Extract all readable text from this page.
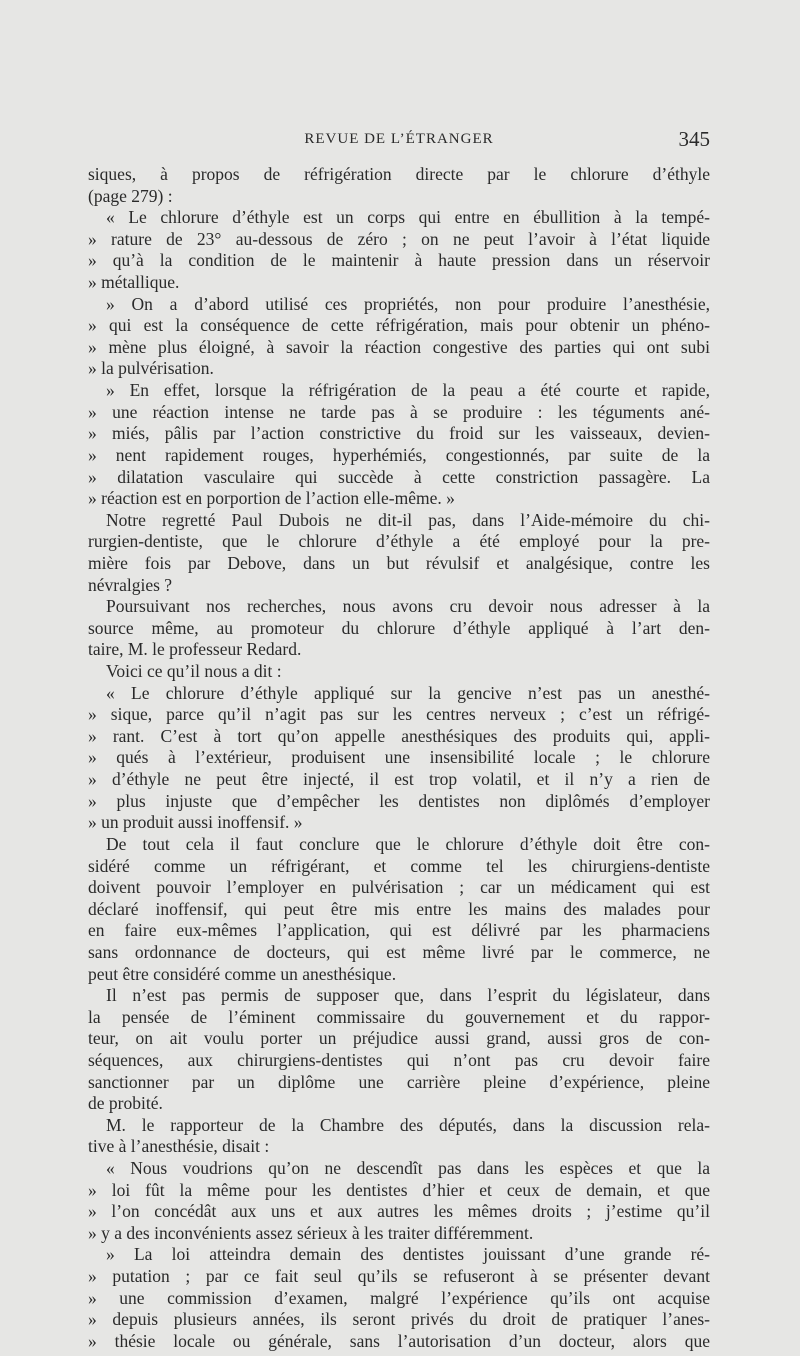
REVUE DE L’ÉTRANGER	345
siques, à propos de réfrigération directe par le chlorure d’éthyle
(page 279) :
« Le chlorure d’éthyle est un corps qui entre en ébullition à la tempé-
» rature de 23° au-dessous de zéro ; on ne peut l’avoir à l’état liquide
» qu’à la condition de le maintenir à haute pression dans un réservoir
» métallique.
» On a d’abord utilisé ces propriétés, non pour produire l’anesthésie,
» qui est la conséquence de cette réfrigération, mais pour obtenir un phéno-
» mène plus éloigné, à savoir la réaction congestive des parties qui ont subi
» la pulvérisation.
» En effet, lorsque la réfrigération de la peau a été courte et rapide,
» une réaction intense ne tarde pas à se produire : les téguments ané-
» miés, pâlis par l’action constrictive du froid sur les vaisseaux, devien-
» nent rapidement rouges, hyperhémiés, congestionnés, par suite de la
» dilatation vasculaire qui succède à cette constriction passagère. La
» réaction est en porportion de l’action elle-même. »
Notre regretté Paul Dubois ne dit-il pas, dans l’Aide-mémoire du chi-
rurgien-dentiste, que le chlorure d’éthyle a été employé pour la pre-
mière fois par Debove, dans un but révulsif et analgésique, contre les
névralgies ?
Poursuivant nos recherches, nous avons cru devoir nous adresser à la
source même, au promoteur du chlorure d’éthyle appliqué à l’art den-
taire, M. le professeur Redard.
Voici ce qu’il nous a dit :
« Le chlorure d’éthyle appliqué sur la gencive n’est pas un anesthé-
» sique, parce qu’il n’agit pas sur les centres nerveux ; c’est un réfrigé-
» rant. C’est à tort qu’on appelle anesthésiques des produits qui, appli-
» qués à l’extérieur, produisent une insensibilité locale ; le chlorure
» d’éthyle ne peut être injecté, il est trop volatil, et il n’y a rien de
» plus injuste que d’empêcher les dentistes non diplômés d’employer
» un produit aussi inoffensif. »
De tout cela il faut conclure que le chlorure d’éthyle doit être con-
sidéré comme un réfrigérant, et comme tel les chirurgiens-dentiste
doivent pouvoir l’employer en pulvérisation ; car un médicament qui est
déclaré inoffensif, qui peut être mis entre les mains des malades pour
en faire eux-mêmes l’application, qui est délivré par les pharmaciens
sans ordonnance de docteurs, qui est même livré par le commerce, ne
peut être considéré comme un anesthésique.
Il n’est pas permis de supposer que, dans l’esprit du législateur, dans
la pensée de l’éminent commissaire du gouvernement et du rappor-
teur, on ait voulu porter un préjudice aussi grand, aussi gros de con-
séquences, aux chirurgiens-dentistes qui n’ont pas cru devoir faire
sanctionner par un diplôme une carrière pleine d’expérience, pleine
de probité.
M. le rapporteur de la Chambre des députés, dans la discussion rela-
tive à l’anesthésie, disait :
« Nous voudrions qu’on ne descendît pas dans les espèces et que la
» loi fût la même pour les dentistes d’hier et ceux de demain, et que
» l’on concédât aux uns et aux autres les mêmes droits ; j’estime qu’il
» y a des inconvénients assez sérieux à les traiter différemment.
» La loi atteindra demain des dentistes jouissant d’une grande ré-
» putation ; par ce fait seul qu’ils se refuseront à se présenter devant
» une commission d’examen, malgré l’expérience qu’ils ont acquise
» depuis plusieurs années, ils seront privés du droit de pratiquer l’anes-
» thésie locale ou générale, sans l’autorisation d’un docteur, alors que
